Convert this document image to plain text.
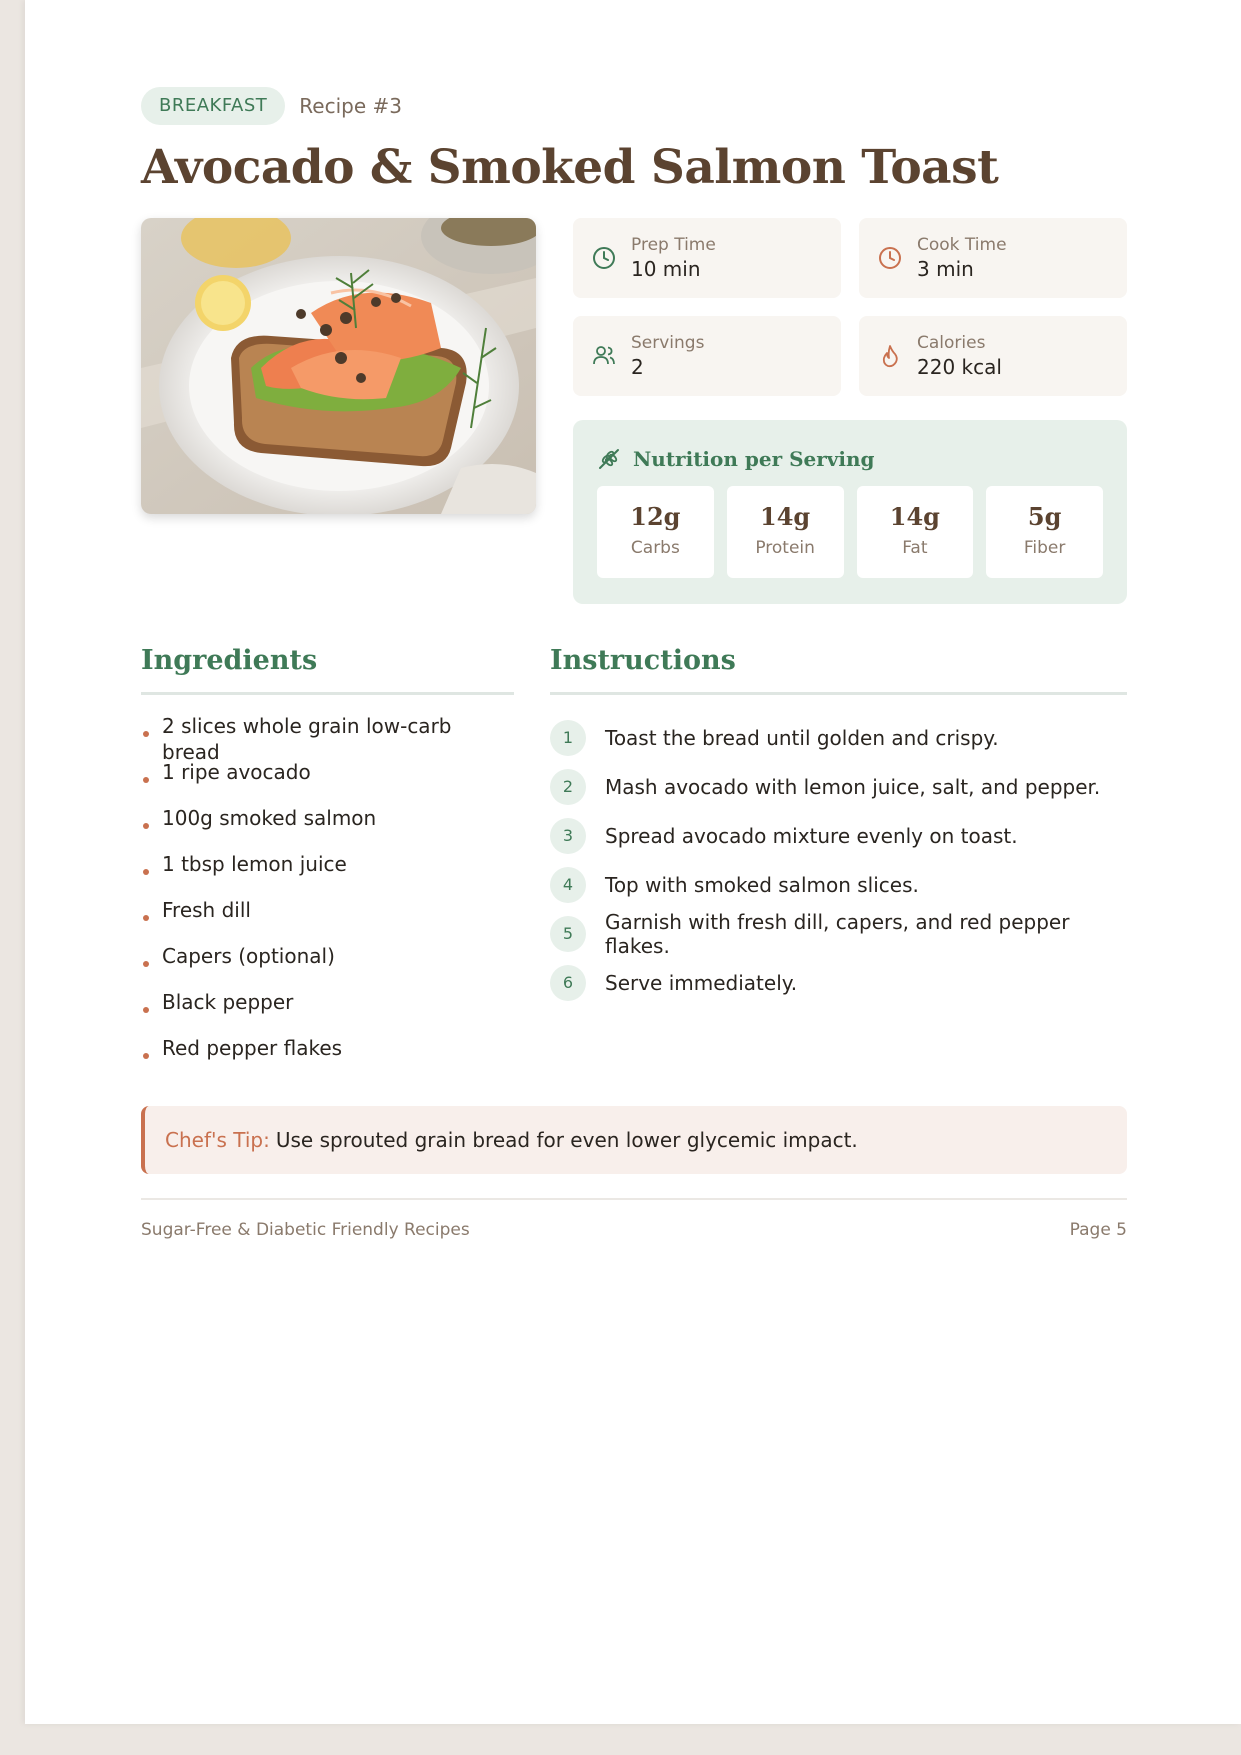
BREAKFAST	Recipe #3
Avocado & Smoked Salmon Toast
Prep Time
10 min
Cook Time
3 min
Servings
2
Calories
220 kcal
Nutrition per Serving
12g
Carbs
14g
Protein
14g
Fat
5g
Fiber
Ingredients
2 slices whole grain low-carb bread
1 ripe avocado
100g smoked salmon
1 tbsp lemon juice
Fresh dill
Capers (optional)
Black pepper
Red pepper flakes
Instructions
1	Toast the bread until golden and crispy.
2	Mash avocado with lemon juice, salt, and pepper.
3	Spread avocado mixture evenly on toast.
4	Top with smoked salmon slices.
5	Garnish with fresh dill, capers, and red pepper flakes.
6	Serve immediately.
Chef's Tip: Use sprouted grain bread for even lower glycemic impact.
Sugar-Free & Diabetic Friendly Recipes	Page 5
